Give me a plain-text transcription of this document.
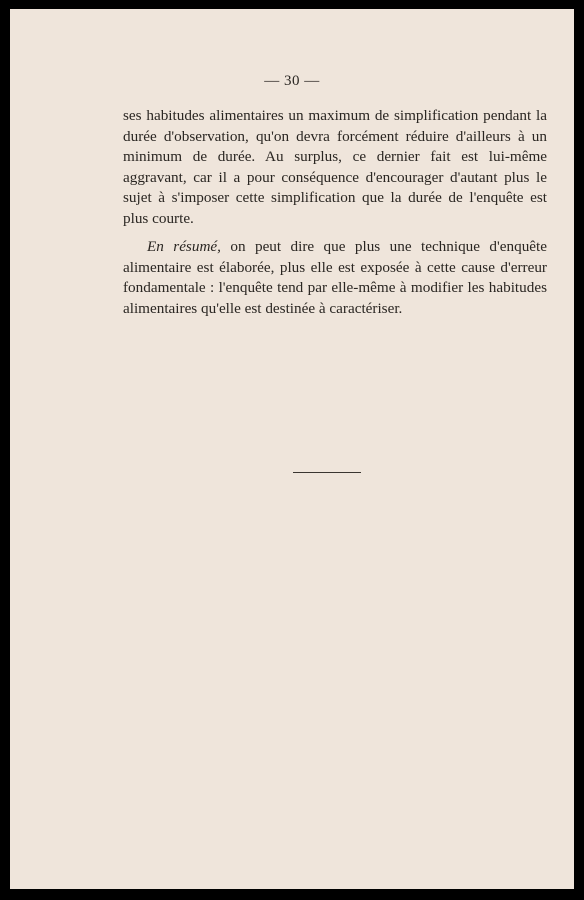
— 30 —

ses habitudes alimentaires un maximum de simplification pendant la durée d'observation, qu'on devra forcément réduire d'ailleurs à un minimum de durée. Au surplus, ce dernier fait est lui-même aggravant, car il a pour conséquence d'encourager d'autant plus le sujet à s'imposer cette simplification que la durée de l'enquête est plus courte.

En résumé, on peut dire que plus une technique d'enquête alimentaire est élaborée, plus elle est exposée à cette cause d'erreur fondamentale : l'enquête tend par elle-même à modifier les habitudes alimentaires qu'elle est destinée à caractériser.
